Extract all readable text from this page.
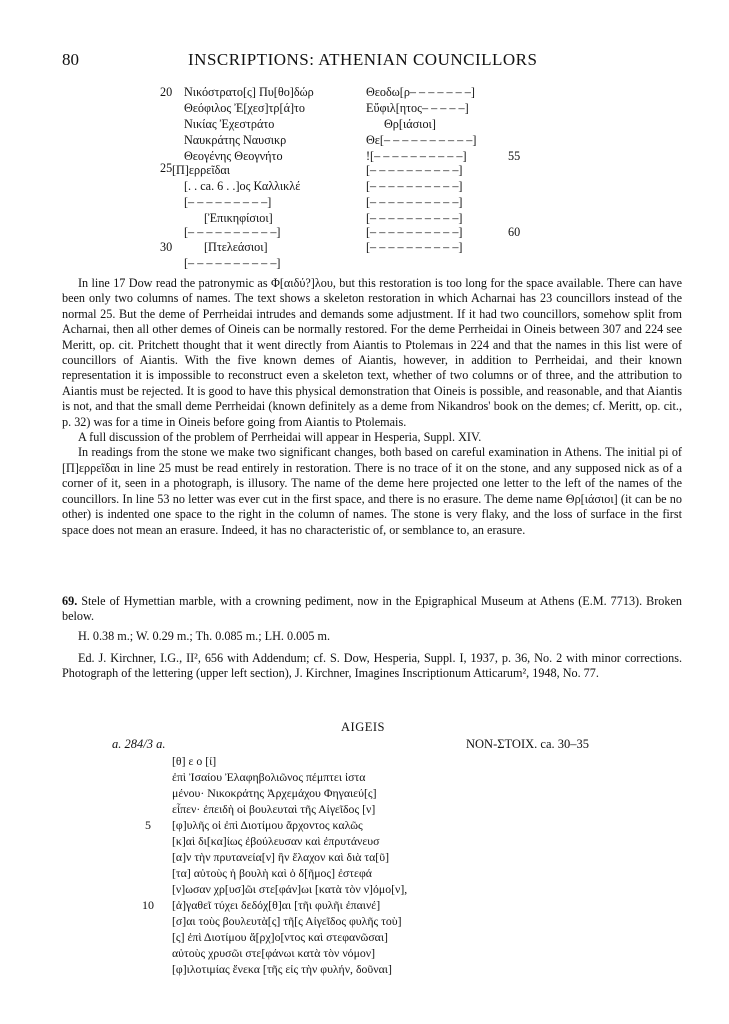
80	INSCRIPTIONS: ATHENIAN COUNCILLORS
20
25
30
55
60
Νικόστρατο[ς] Πυ[θο]δώρ
Θεόφιλος Ἐ[χεσ]τρ[ά]το
Νικίας Ἐχεστράτο
Ναυκράτης Ναυσικρ
Θεογένης Θεογνήτο
[Π]ερρεῖδαι
[. . ca. 6 . .]ος Καλλικλέ
[– – – – – – – – –]
[Ἐπικηφίσιοι]
[– – – – – – – – – –]
[Πτελεάσιοι]
[– – – – – – – – – –]
Θεοδω[ρ– – – – – – –]
Εὔφιλ[ητος– – – – –]
Θρ[ιάσιοι]
Θε[– – – – – – – – – –]
![– – – – – – – – – –]
[– – – – – – – – – –]
[– – – – – – – – – –]
[– – – – – – – – – –]
[– – – – – – – – – –]
[– – – – – – – – – –]
[– – – – – – – – – –]

In line 17 Dow read the patronymic as Φ[αιδύ?]λου, but this restoration is too long for the space available. There can have been only two columns of names. The text shows a skeleton restoration in which Acharnai has 23 councillors instead of the normal 25. But the deme of Perrheidai intrudes and demands some adjustment. If it had two councillors, somehow split from Acharnai, then all other demes of Oineis can be normally restored. For the deme Perrheidai in Oineis between 307 and 224 see Meritt, op. cit. Pritchett thought that it went directly from Aiantis to Ptolemaıs in 224 and that the names in this list were of councillors of Aiantis. With the five known demes of Aiantis, however, in addition to Perrheidai, and their known representation it is impossible to reconstruct even a skeleton text, whether of two columns or of three, and the attribution to Aiantis must be rejected. It is good to have this physical demonstration that Oineis is possible, and reasonable, and that Aiantis is not, and that the small deme Perrheidai (known definitely as a deme from Nikandros' book on the demes; cf. Meritt, op. cit., p. 32) was for a time in Oineis before going from Aiantis to Ptolemais.

A full discussion of the problem of Perrheidai will appear in Hesperia, Suppl. XIV.

In readings from the stone we make two significant changes, both based on careful examination in Athens. The initial pi of [Π]ερρεῖδαι in line 25 must be read entirely in restoration. There is no trace of it on the stone, and any supposed nick as of a corner of it, seen in a photograph, is illusory. The name of the deme here projected one letter to the left of the names of the councillors. In line 53 no letter was ever cut in the first space, and there is no erasure. The deme name Θρ[ιάσιοι] (it can be no other) is indented one space to the right in the column of names. The stone is very flaky, and the loss of surface in the first space does not mean an erasure. Indeed, it has no characteristic of, or semblance to, an erasure.

69. Stele of Hymettian marble, with a crowning pediment, now in the Epigraphical Museum at Athens (E.M. 7713). Broken below.

H. 0.38 m.; W. 0.29 m.; Th. 0.085 m.; LH. 0.005 m.

Ed. J. Kirchner, I.G., II², 656 with Addendum; cf. S. Dow, Hesperia, Suppl. I, 1937, p. 36, No. 2 with minor corrections. Photograph of the lettering (upper left section), J. Kirchner, Imagines Inscriptionum Atticarum², 1948, No. 77.

AIGEIS
a. 284/3 a.	NON-ΣΤΟΙΧ. ca. 30–35
[θ] ε ο [ί]
ἐπὶ Ἰσαίου Ἐλαφηβολιῶνος πέμπτει ἱστα
μένου· Νικοκράτης Ἀρχεμάχου Φηγαιεύ[ς]
εἶπεν· ἐπειδὴ οἱ βουλευταὶ τῆς Αἰγεῖδος [ν]
[φ]υλῆς οἱ ἐπὶ Διοτίμου ἄρχοντος καλῶς
[κ]αὶ δι[κα]ίως ἐβούλευσαν καὶ ἐπρυτάνευσ
[α]ν τὴν πρυτανεία[ν] ἣν ἔλαχον καὶ διὰ τα[ῦ]
[τα] αὐτοὺς ἡ βουλὴ καὶ ὁ δ[ῆμος] ἐστεφά
[ν]ωσαν χρ[υσ]ῶι στε[φάν]ωι [κατὰ τὸν ν]όμο[ν],
[ἀ]γαθεῖ τύχει δεδόχ[θ]αι [τῆι φυλῆι ἐπαινέ]
[σ]αι τοὺς βουλευτὰ[ς] τῆ[ς Αἰγεῖδος φυλῆς τοὺ]
[ς] ἐπὶ Διοτίμου ἄ[ρχ]ο[ντος καὶ στεφανῶσαι]
αὐτοὺς χρυσῶι στε[φάνωι κατὰ τὸν νόμον]
[φ]ιλοτιμίας ἕνεκα [τῆς εἰς τὴν φυλήν, δοῦναι]
5
10
